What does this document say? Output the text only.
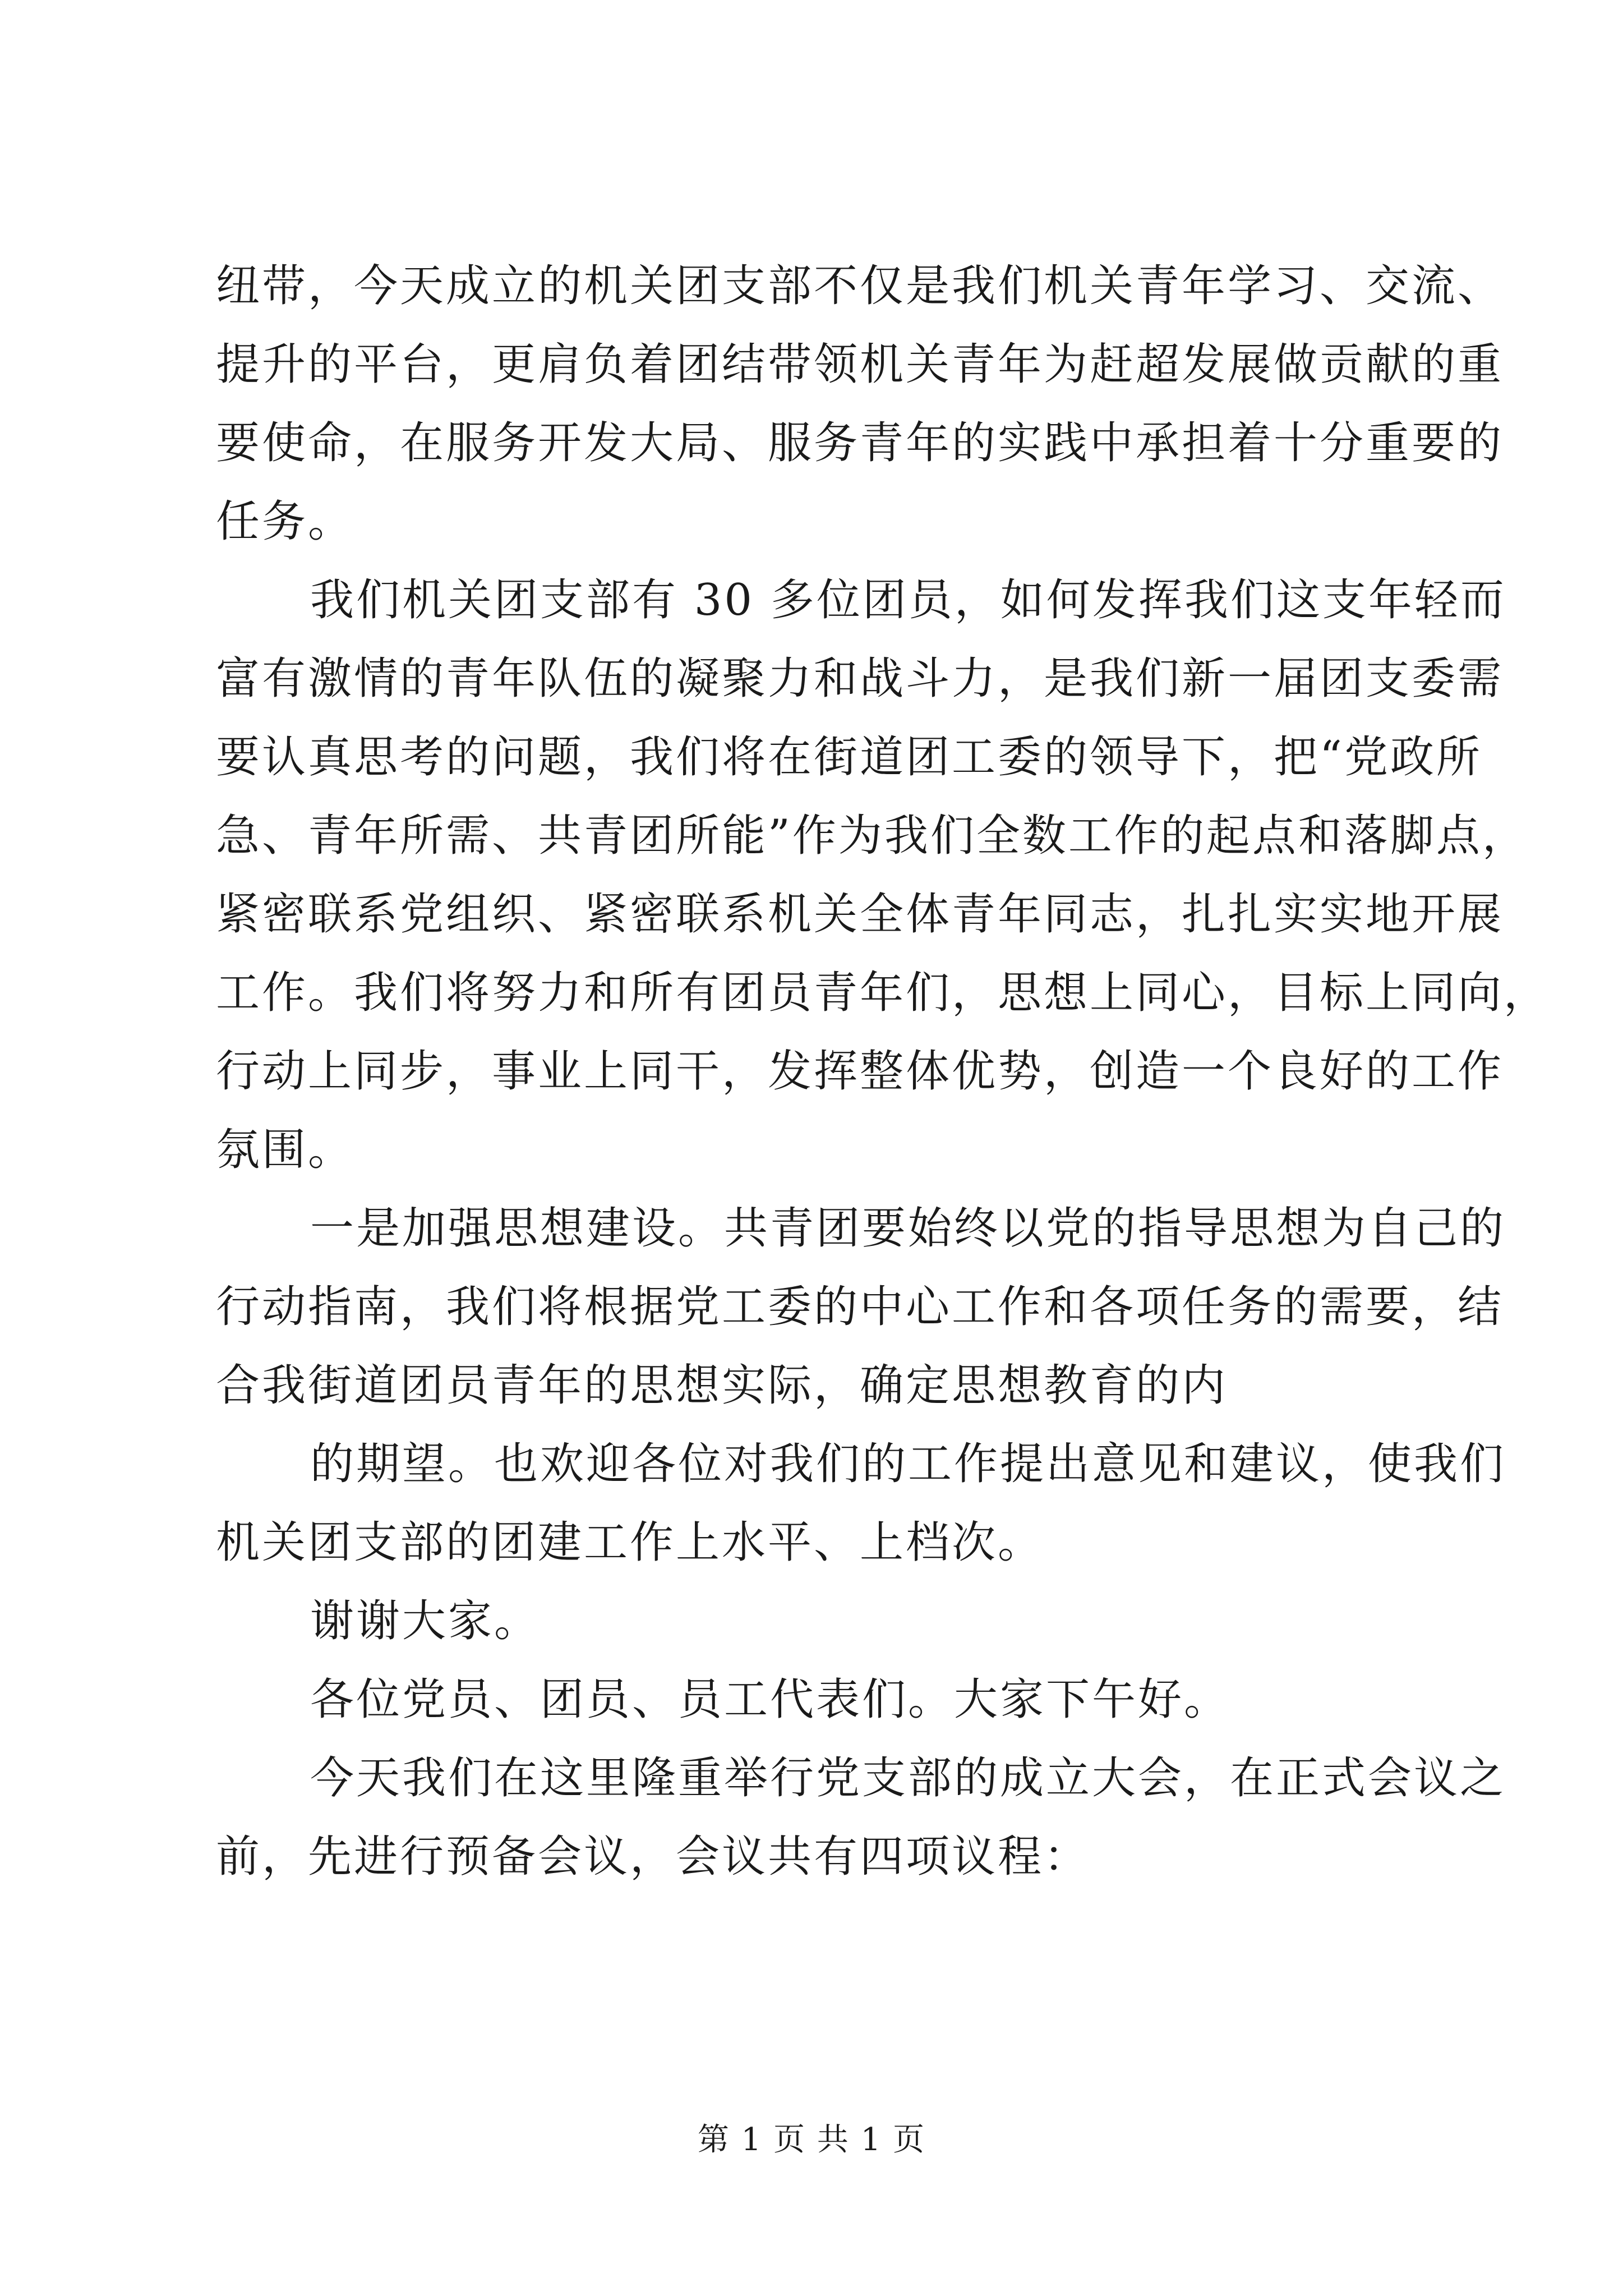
纽带，今天成立的机关团支部不仅是我们机关青年学习、交流、
提升的平台，更肩负着团结带领机关青年为赶超发展做贡献的重
要使命，在服务开发大局、服务青年的实践中承担着十分重要的
任务。
我们机关团支部有 30 多位团员，如何发挥我们这支年轻而
富有激情的青年队伍的凝聚力和战斗力，是我们新一届团支委需
要认真思考的问题，我们将在街道团工委的领导下，把“党政所
急、青年所需、共青团所能”作为我们全数工作的起点和落脚点，
紧密联系党组织、紧密联系机关全体青年同志，扎扎实实地开展
工作。我们将努力和所有团员青年们，思想上同心，目标上同向，
行动上同步，事业上同干，发挥整体优势，创造一个良好的工作
氛围。
一是加强思想建设。共青团要始终以党的指导思想为自己的
行动指南，我们将根据党工委的中心工作和各项任务的需要，结
合我街道团员青年的思想实际，确定思想教育的内
的期望。也欢迎各位对我们的工作提出意见和建议，使我们
机关团支部的团建工作上水平、上档次。
谢谢大家。
各位党员、团员、员工代表们。大家下午好。
今天我们在这里隆重举行党支部的成立大会，在正式会议之
前，先进行预备会议，会议共有四项议程：
第 1 页 共 1 页
